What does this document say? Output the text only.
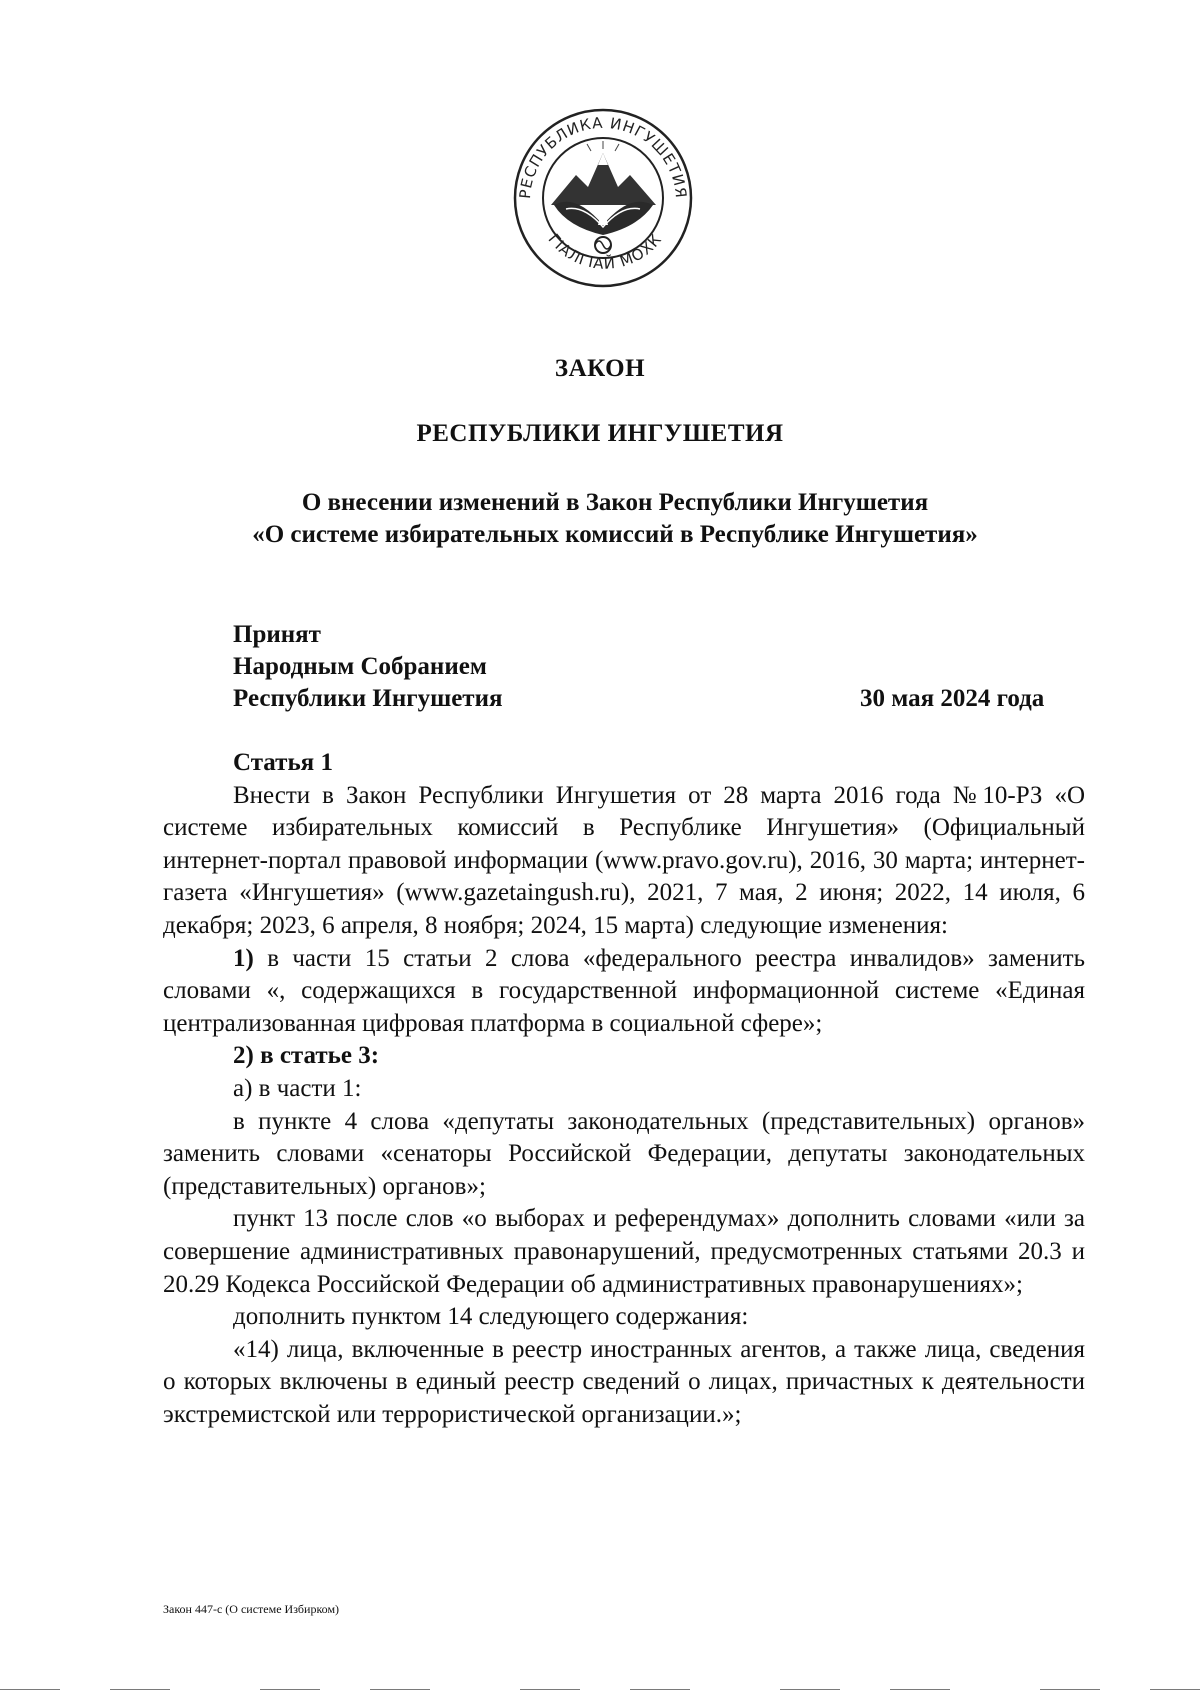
РЕСПУБЛИКА ИНГУШЕТИЯ
ГIАЛГIАЙ МОХК
ЗАКОН
РЕСПУБЛИКИ ИНГУШЕТИЯ
О внесении изменений в Закон Республики Ингушетия
«О системе избирательных комиссий в Республике Ингушетия»
Принят
Народным Собранием
Республики Ингушетия	30 мая 2024 года
Статья 1

Внести в Закон Республики Ингушетия от 28 марта 2016 года №10-РЗ «О системе избирательных комиссий в Республике Ингушетия» (Официальный интернет-портал правовой информации (www.pravo.gov.ru), 2016, 30 марта; интернет-газета «Ингушетия» (www.gazetaingush.ru), 2021, 7 мая, 2 июня; 2022, 14 июля, 6 декабря; 2023, 6 апреля, 8 ноября; 2024, 15 марта) следующие изменения:

1) в части 15 статьи 2 слова «федерального реестра инвалидов» заменить словами «, содержащихся в государственной информационной системе «Единая централизованная цифровая платформа в социальной сфере»;

2) в статье 3:
а) в части 1:

в пункте 4 слова «депутаты законодательных (представительных) органов» заменить словами «сенаторы Российской Федерации, депутаты законодательных (представительных) органов»;

пункт 13 после слов «о выборах и референдумах» дополнить словами «или за совершение административных правонарушений, предусмотренных статьями 20.3 и 20.29 Кодекса Российской Федерации об административных правонарушениях»;

дополнить пунктом 14 следующего содержания:

«14) лица, включенные в реестр иностранных агентов, а также лица, сведения о которых включены в единый реестр сведений о лицах, причастных к деятельности экстремистской или террористической организации.»;

Закон 447-с (О системе Избирком)
